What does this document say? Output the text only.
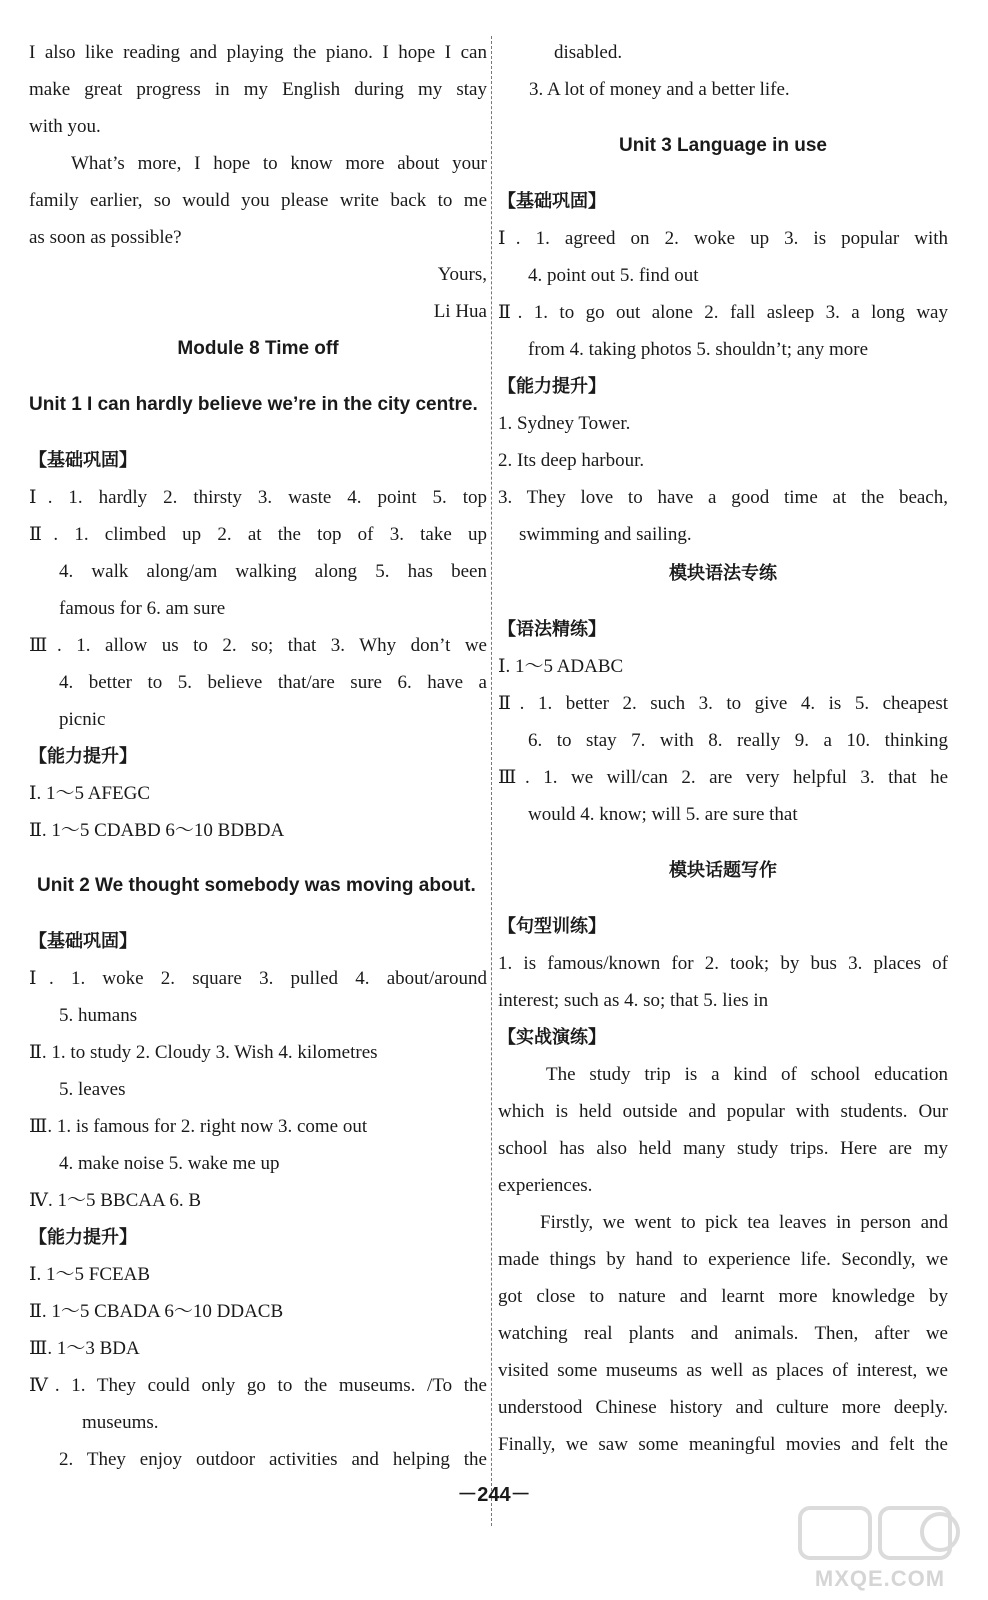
I also like reading and playing the piano. I hope I can
make great progress in my English during my stay
with you.
What’s more, I hope to know more about your
family earlier, so would you please write back to me
as soon as possible?
Yours,
Li Hua
Module 8 Time off
Unit 1 I can hardly believe we’re in the city centre.
【基础巩固】
Ⅰ. 1. hardly 2. thirsty 3. waste 4. point 5. top
Ⅱ. 1. climbed up 2. at the top of 3. take up
4. walk along/am walking along 5. has been
famous for 6. am sure
Ⅲ. 1. allow us to 2. so; that 3. Why don’t we
4. better to 5. believe that/are sure 6. have a
picnic
【能力提升】
Ⅰ. 1～5 AFEGC
Ⅱ. 1～5 CDABD 6～10 BDBDA
Unit 2 We thought somebody was moving about.
【基础巩固】
Ⅰ. 1. woke 2. square 3. pulled 4. about/around
5. humans
Ⅱ. 1. to study 2. Cloudy 3. Wish 4. kilometres
5. leaves
Ⅲ. 1. is famous for 2. right now 3. come out
4. make noise 5. wake me up
Ⅳ. 1～5 BBCAA 6. B
【能力提升】
Ⅰ. 1～5 FCEAB
Ⅱ. 1～5 CBADA 6～10 DDACB
Ⅲ. 1～3 BDA
Ⅳ. 1. They could only go to the museums. /To the
museums.
2. They enjoy outdoor activities and helping the
disabled.
3. A lot of money and a better life.
Unit 3 Language in use
【基础巩固】
Ⅰ. 1. agreed on 2. woke up 3. is popular with
4. point out 5. find out
Ⅱ. 1. to go out alone 2. fall asleep 3. a long way
from 4. taking photos 5. shouldn’t; any more
【能力提升】
1. Sydney Tower.
2. Its deep harbour.
3. They love to have a good time at the beach,
swimming and sailing.
模块语法专练
【语法精练】
Ⅰ. 1～5 ADABC
Ⅱ. 1. better 2. such 3. to give 4. is 5. cheapest
6. to stay 7. with 8. really 9. a 10. thinking
Ⅲ. 1. we will/can 2. are very helpful 3. that he
would 4. know; will 5. are sure that
模块话题写作
【句型训练】
1. is famous/known for 2. took; by bus 3. places of
interest; such as 4. so; that 5. lies in
【实战演练】
The study trip is a kind of school education
which is held outside and popular with students. Our
school has also held many study trips. Here are my
experiences.
Firstly, we went to pick tea leaves in person and
made things by hand to experience life. Secondly, we
got close to nature and learnt more knowledge by
watching real plants and animals. Then, after we
visited some museums as well as places of interest, we
understood Chinese history and culture more deeply.
Finally, we saw some meaningful movies and felt the
－244－
MXQE.COM
